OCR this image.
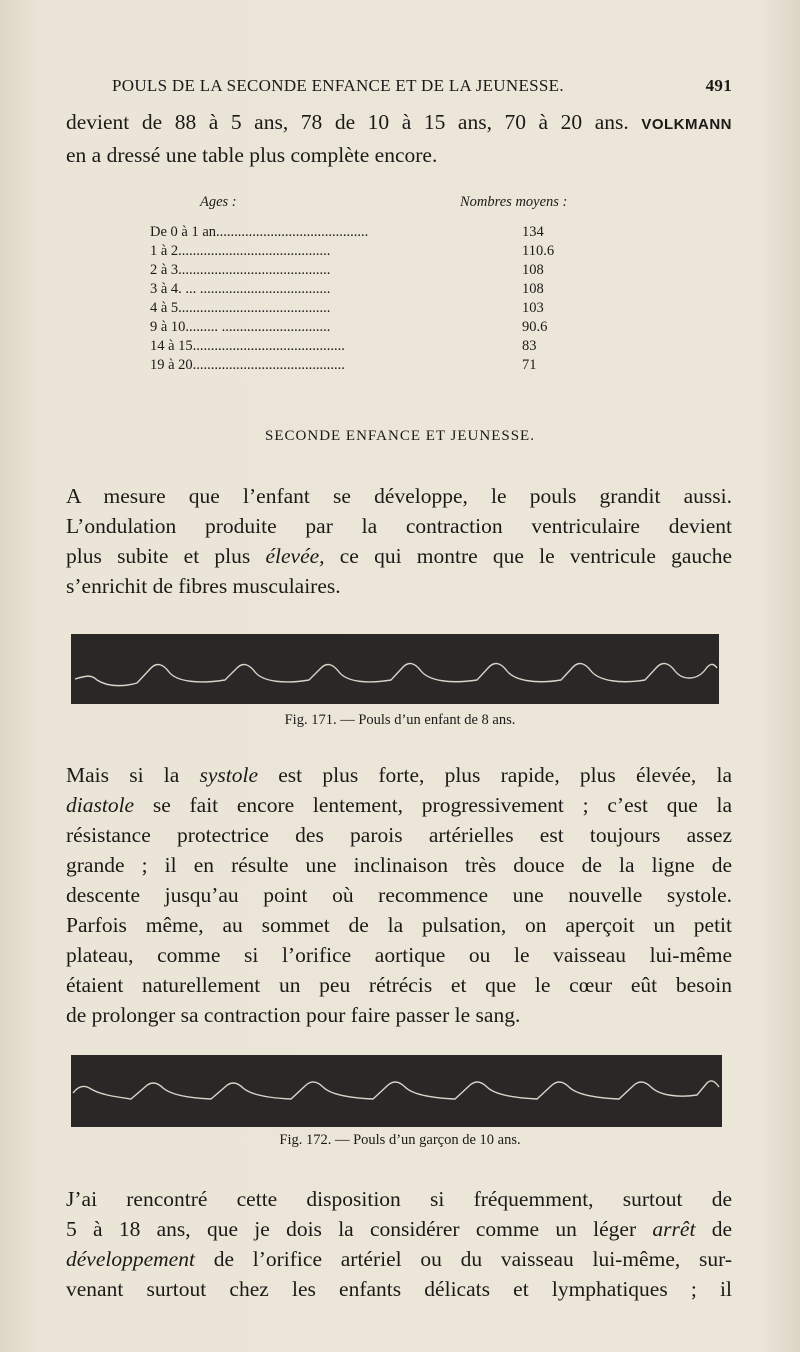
POULS DE LA SECONDE ENFANCE ET DE LA JEUNESSE.	491
devient de 88 à 5 ans, 78 de 10 à 15 ans, 70 à 20 ans. VOLKMANN
en a dressé une table plus complète encore.
Ages :	Nombres moyens :
De 0 à 1 an..........................................	134
1 à 2..........................................	110.6
2 à 3..........................................	108
3 à 4. ... ....................................	108
4 à 5..........................................	103
9 à 10......... ..............................	90.6
14 à 15..........................................	83
19 à 20..........................................	71
SECONDE ENFANCE ET JEUNESSE.
A mesure que l’enfant se développe, le pouls grandit aussi.
L’ondulation produite par la contraction ventriculaire devient
plus subite et plus élevée, ce qui montre que le ventricule gauche
s’enrichit de fibres musculaires.
Fig. 171. — Pouls d’un enfant de 8 ans.
Mais si la systole est plus forte, plus rapide, plus élevée, la
diastole se fait encore lentement, progressivement ; c’est que la
résistance protectrice des parois artérielles est toujours assez
grande ; il en résulte une inclinaison très douce de la ligne de
descente jusqu’au point où recommence une nouvelle systole.
Parfois même, au sommet de la pulsation, on aperçoit un petit
plateau, comme si l’orifice aortique ou le vaisseau lui-même
étaient naturellement un peu rétrécis et que le cœur eût besoin
de prolonger sa contraction pour faire passer le sang.
Fig. 172. — Pouls d’un garçon de 10 ans.
J’ai rencontré cette disposition si fréquemment, surtout de
5 à 18 ans, que je dois la considérer comme un léger arrêt de
développement de l’orifice artériel ou du vaisseau lui-même, sur-
venant surtout chez les enfants délicats et lymphatiques ; il
